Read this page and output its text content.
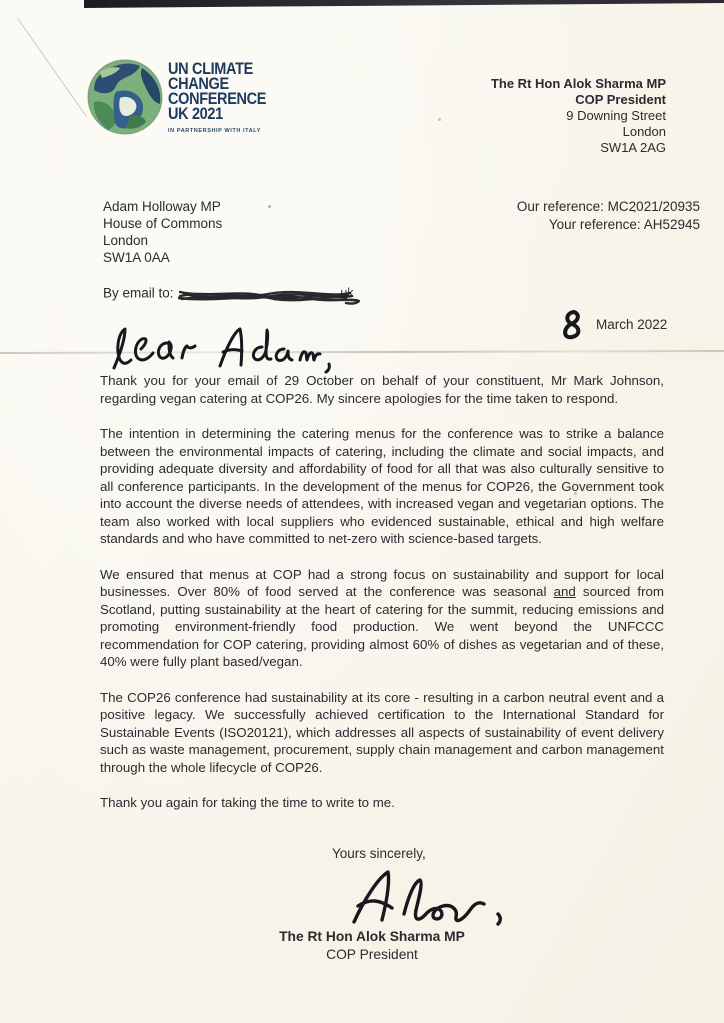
UN CLIMATE
CHANGE
CONFERENCE
UK 2021
IN PARTNERSHIP WITH ITALY
The Rt Hon Alok Sharma MP
COP President
9 Downing Street
London
SW1A 2AG
Adam Holloway MP
House of Commons
London
SW1A 0AA
Our reference: MC2021/20935
Your reference: AH52945
By email to:	uk
March 2022

Thank you for your email of 29 October on behalf of your constituent, Mr Mark Johnson, regarding vegan catering at COP26. My sincere apologies for the time taken to respond.

The intention in determining the catering menus for the conference was to strike a balance between the environmental impacts of catering, including the climate and social impacts, and providing adequate diversity and affordability of food for all that was also culturally sensitive to all conference participants. In the development of the menus for COP26, the Government took into account the diverse needs of attendees, with increased vegan and vegetarian options. The team also worked with local suppliers who evidenced sustainable, ethical and high welfare standards and who have committed to net-zero with science-based targets.

We ensured that menus at COP had a strong focus on sustainability and support for local businesses. Over 80% of food served at the conference was seasonal and sourced from Scotland, putting sustainability at the heart of catering for the summit, reducing emissions and promoting environment-friendly food production. We went beyond the UNFCCC recommendation for COP catering, providing almost 60% of dishes as vegetarian and of these, 40% were fully plant based/vegan.

The COP26 conference had sustainability at its core - resulting in a carbon neutral event and a positive legacy. We successfully achieved certification to the International Standard for Sustainable Events (ISO20121), which addresses all aspects of sustainability of event delivery such as waste management, procurement, supply chain management and carbon management through the whole lifecycle of COP26.

Thank you again for taking the time to write to me.

Yours sincerely,
The Rt Hon Alok Sharma MP
COP President
